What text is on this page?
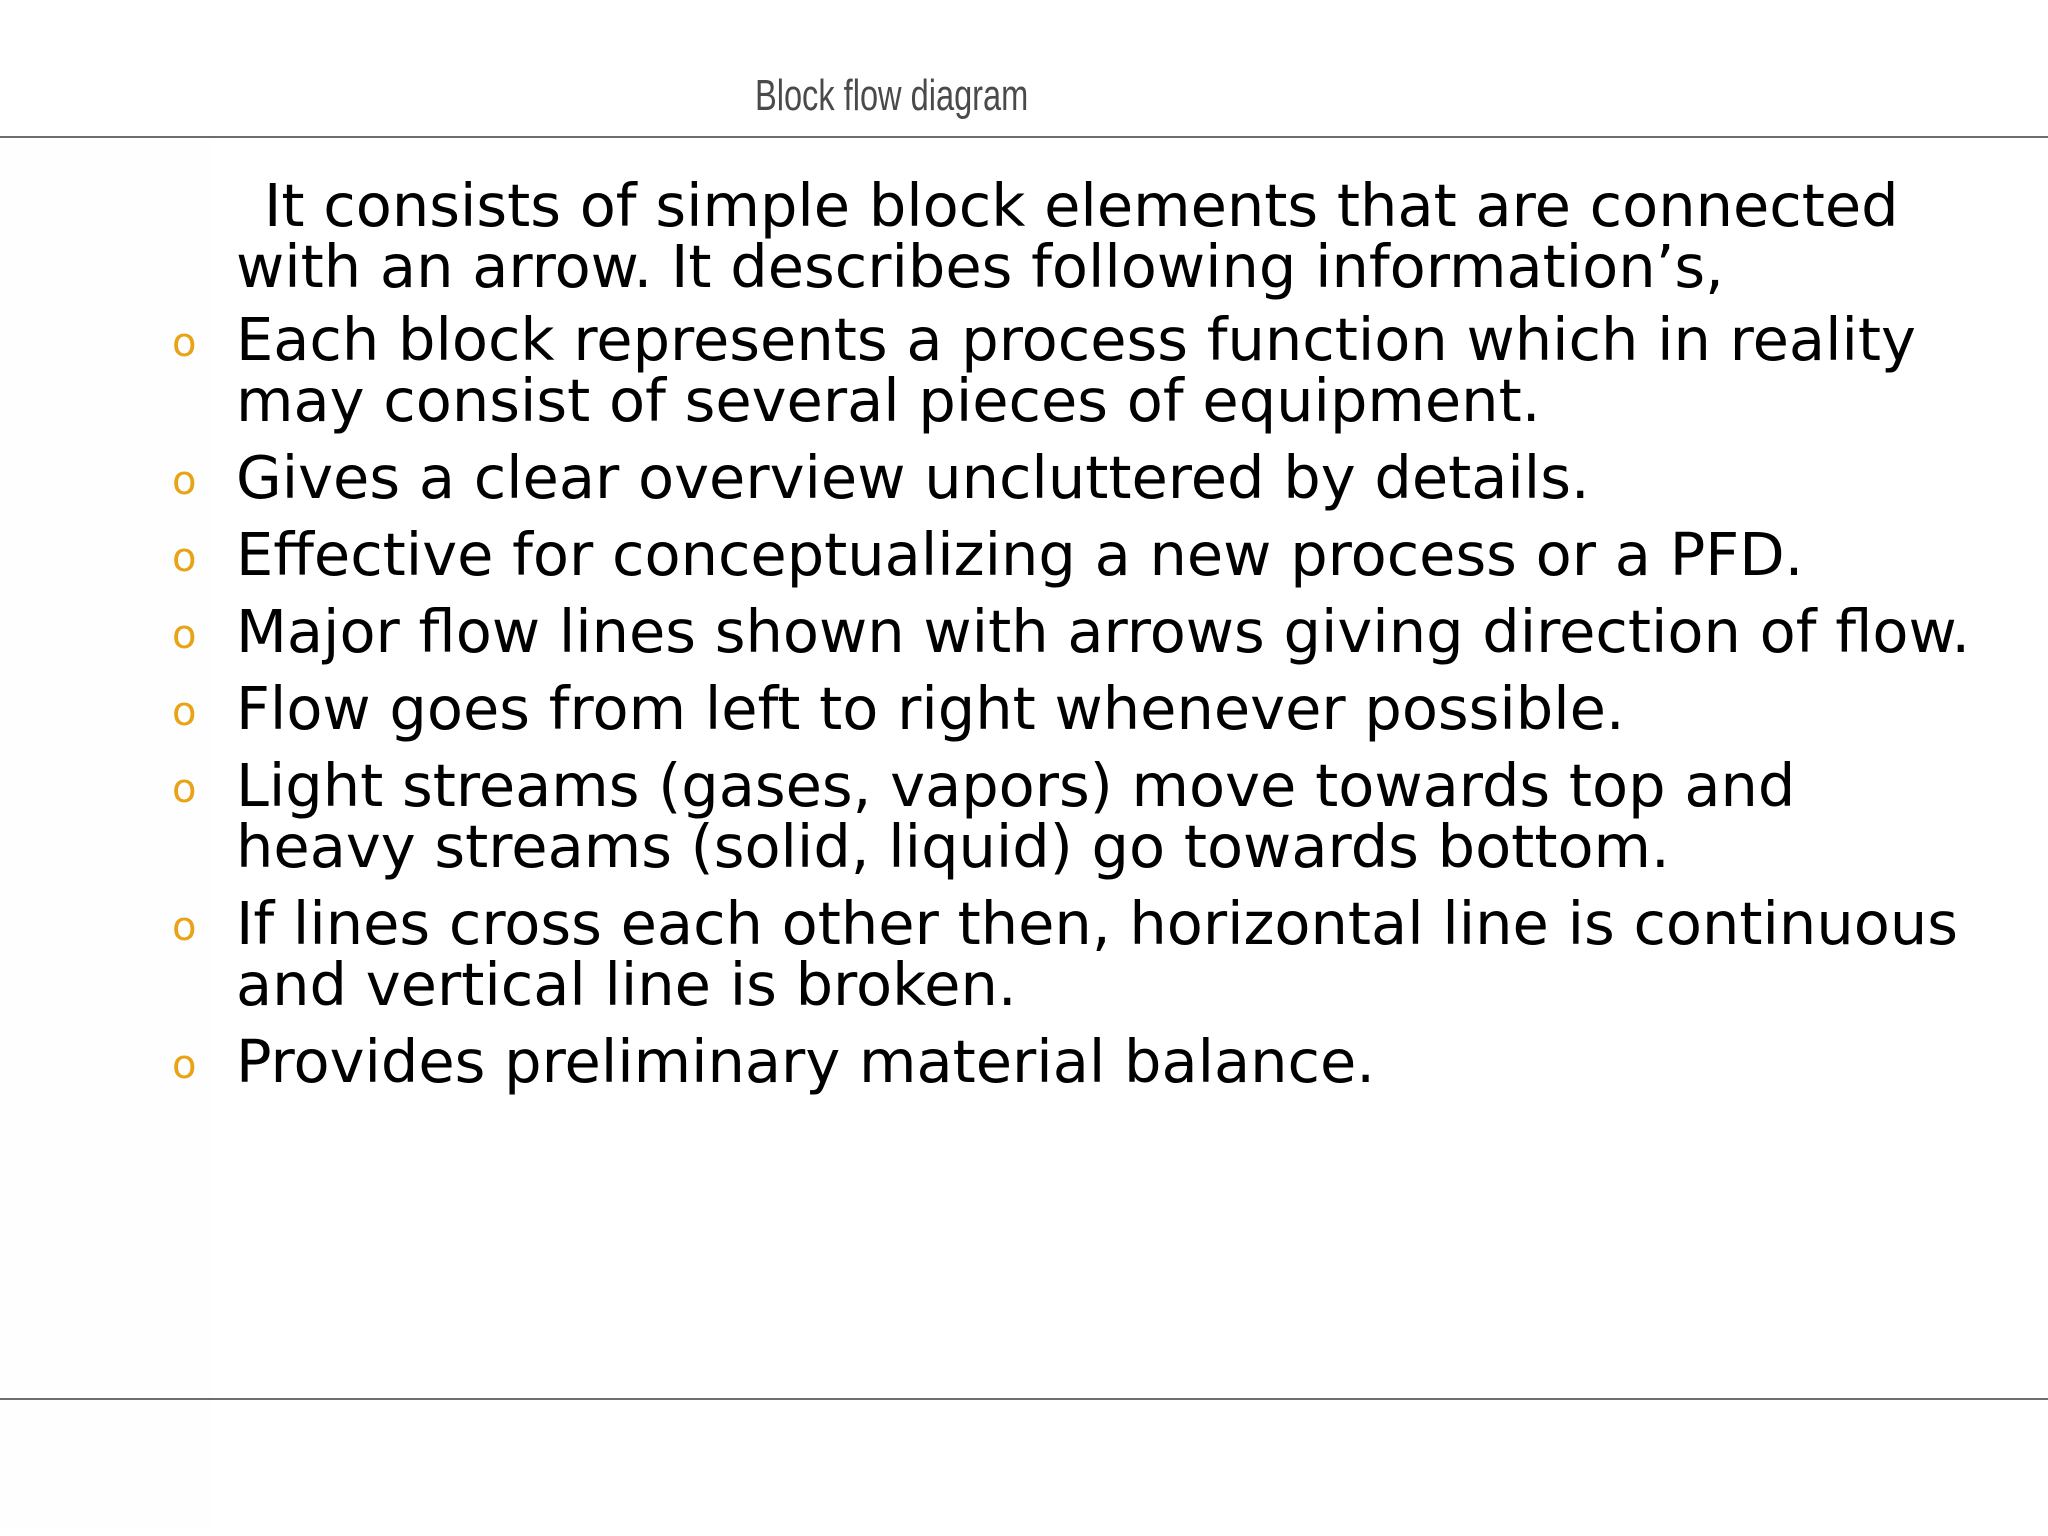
Block flow diagram

It consists of simple block elements that are connected with an arrow. It describes following information’s,

o Each block represents a process function which in reality may consist of several pieces of equipment.
o Gives a clear overview uncluttered by details.
o Effective for conceptualizing a new process or a PFD.
o Major flow lines shown with arrows giving direction of flow.
o Flow goes from left to right whenever possible.
o Light streams (gases, vapors) move towards top and heavy streams (solid, liquid) go towards bottom.
o If lines cross each other then, horizontal line is continuous and vertical line is broken.
o Provides preliminary material balance.
